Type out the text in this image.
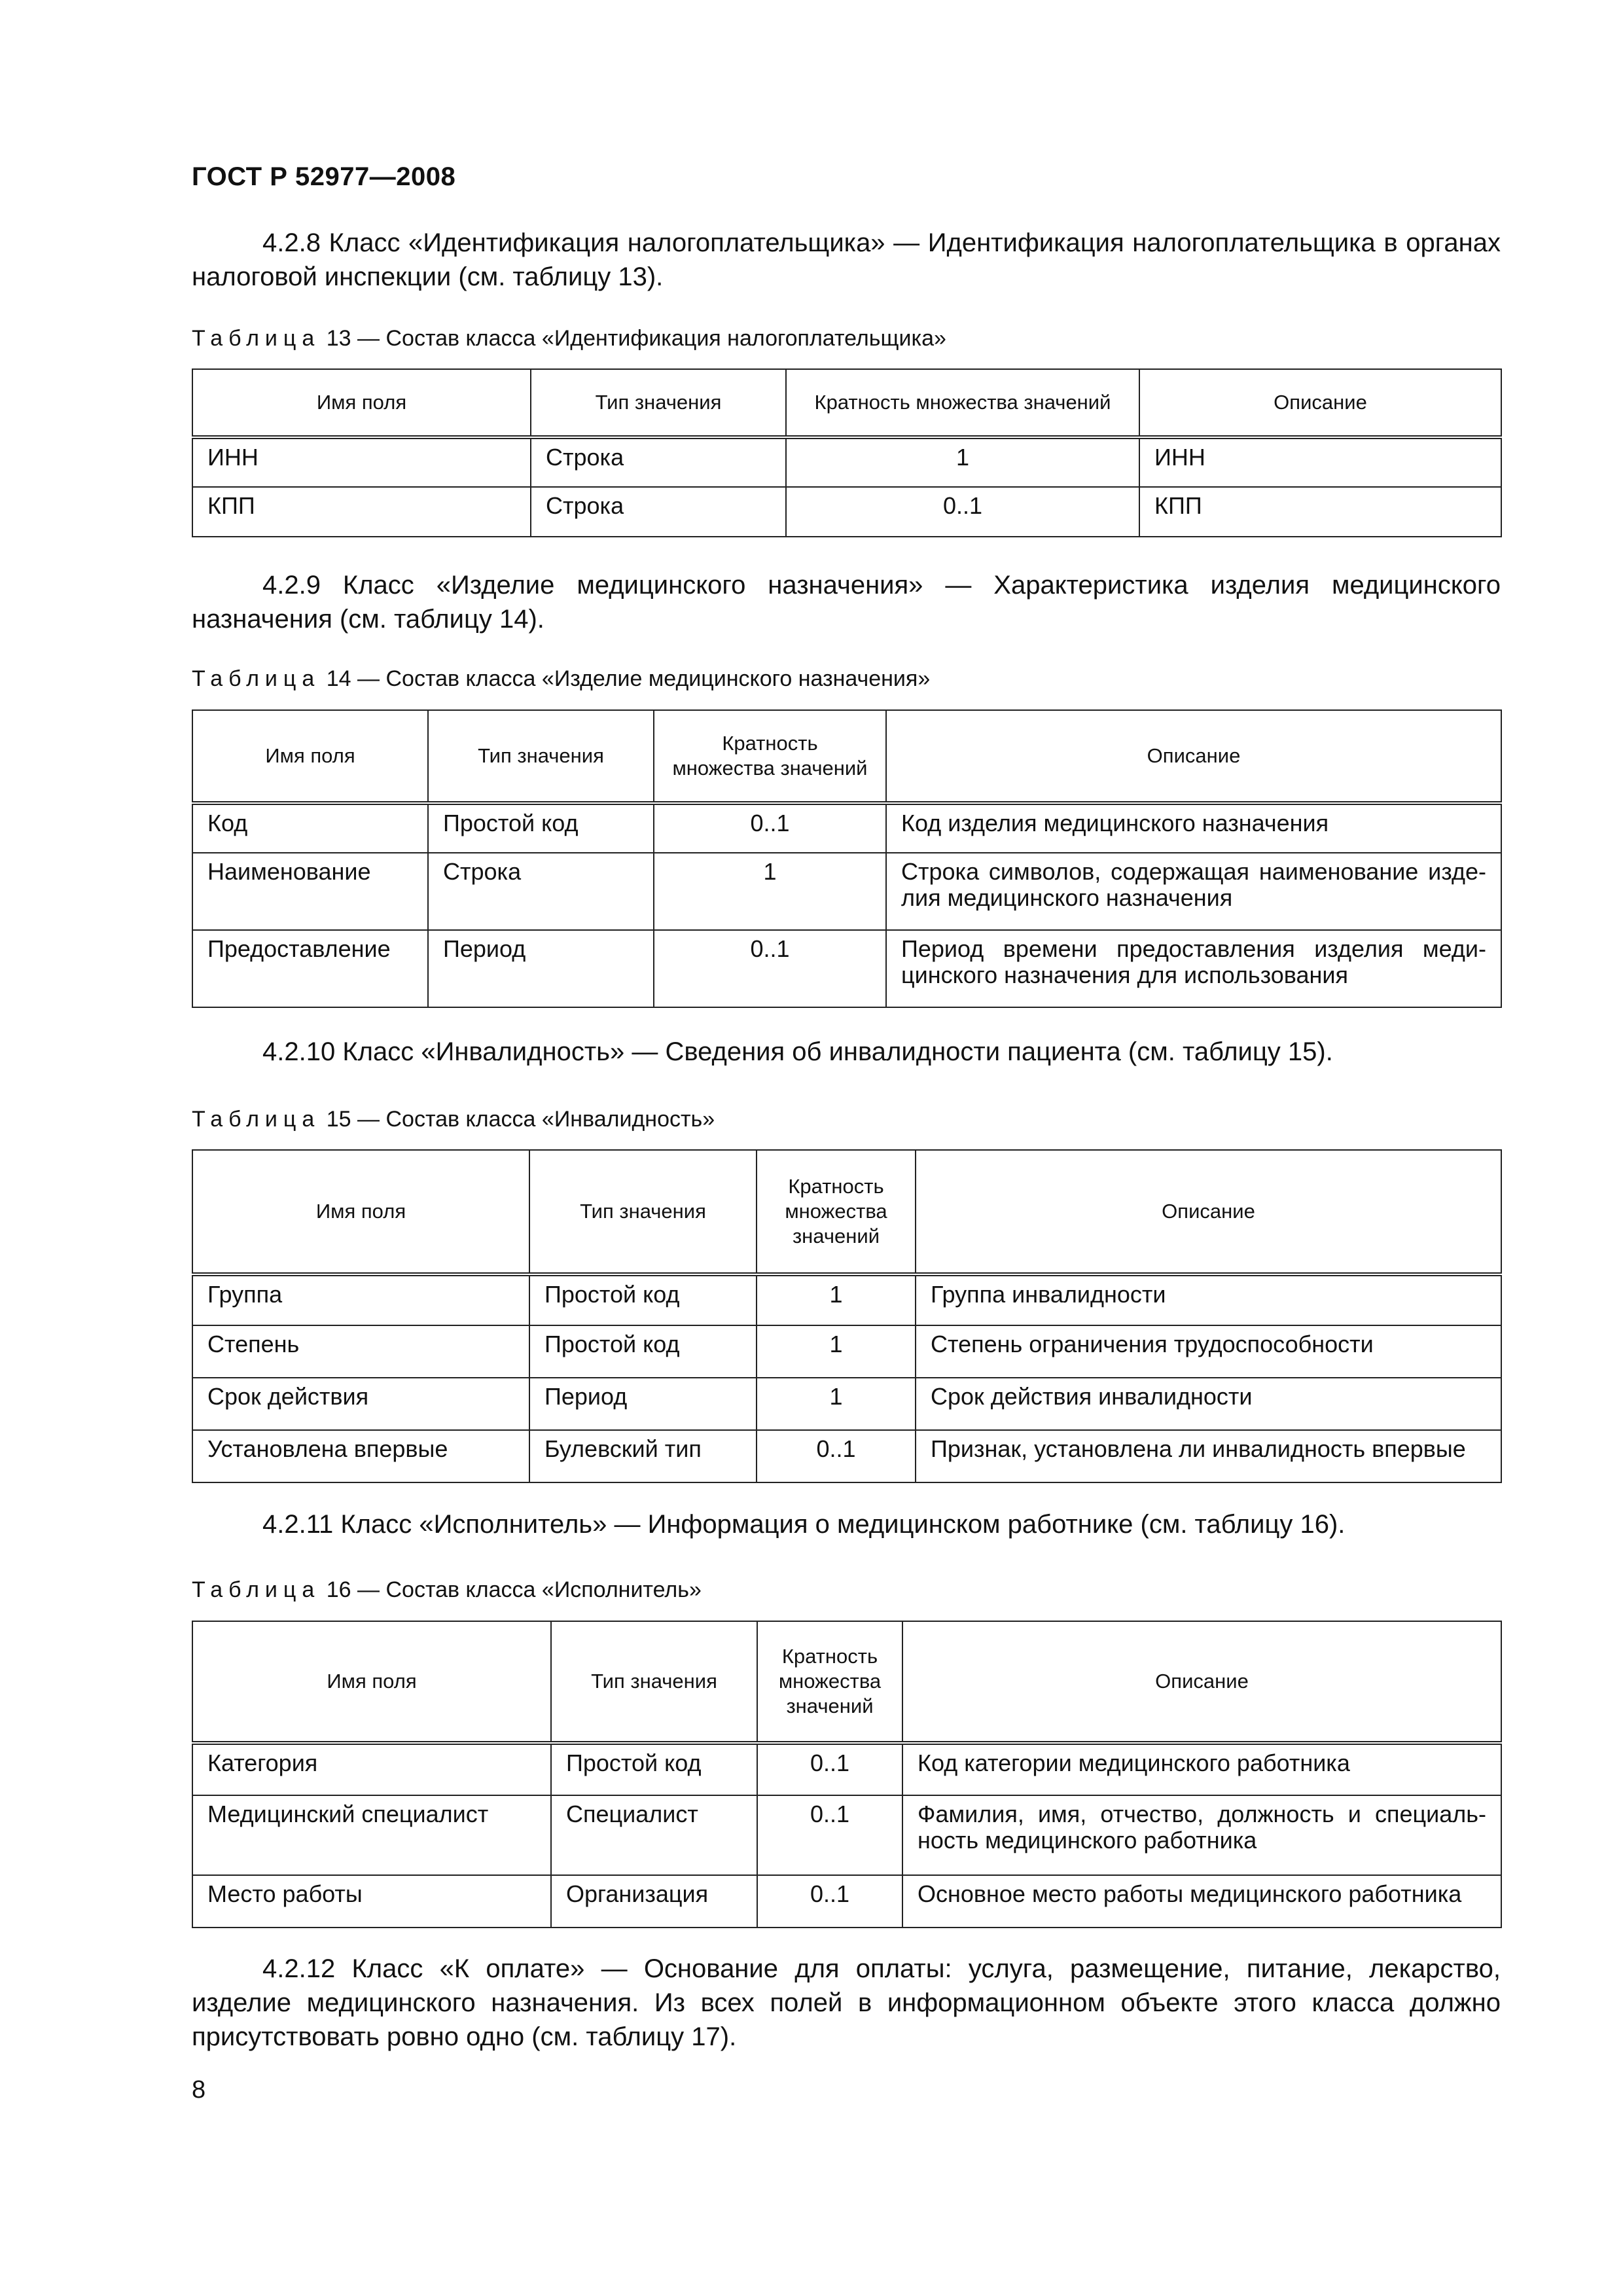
ГОСТ Р 52977—2008

4.2.8 Класс «Идентификация налогоплательщика» — Идентификация налогоплательщика в органах налоговой инспекции (см. таблицу 13).

Таблица 13 — Состав класса «Идентификация налогоплательщика»

Имя поля	Тип значения	Кратность множества значений	Описание
ИНН	Строка	1	ИНН
КПП	Строка	0..1	КПП

4.2.9 Класс «Изделие медицинского назначения» — Характеристика изделия медицинского назначения (см. таблицу 14).

Таблица 14 — Состав класса «Изделие медицинского назначения»

Имя поля	Тип значения	Кратность множества значений	Описание
Код	Простой код	0..1	Код изделия медицинского назначения
Наименование	Строка	1	Строка символов, содержащая наименование изде-лия медицинского назначения
Предоставление	Период	0..1	Период времени предоставления изделия меди-цинского назначения для использования

4.2.10 Класс «Инвалидность» — Сведения об инвалидности пациента (см. таблицу 15).

Таблица 15 — Состав класса «Инвалидность»

Имя поля	Тип значения	Кратность множества значений	Описание
Группа	Простой код	1	Группа инвалидности
Степень	Простой код	1	Степень ограничения трудоспособности
Срок действия	Период	1	Срок действия инвалидности
Установлена впервые	Булевский тип	0..1	Признак, установлена ли инвалидность впервые

4.2.11 Класс «Исполнитель» — Информация о медицинском работнике (см. таблицу 16).

Таблица 16 — Состав класса «Исполнитель»

Имя поля	Тип значения	Кратность множества значений	Описание
Категория	Простой код	0..1	Код категории медицинского работника
Медицинский специалист	Специалист	0..1	Фамилия, имя, отчество, должность и специаль-ность медицинского работника
Место работы	Организация	0..1	Основное место работы медицинского работника

4.2.12 Класс «К оплате» — Основание для оплаты: услуга, размещение, питание, лекарство, изделие медицинского назначения. Из всех полей в информационном объекте этого класса должно присутствовать ровно одно (см. таблицу 17).

8
